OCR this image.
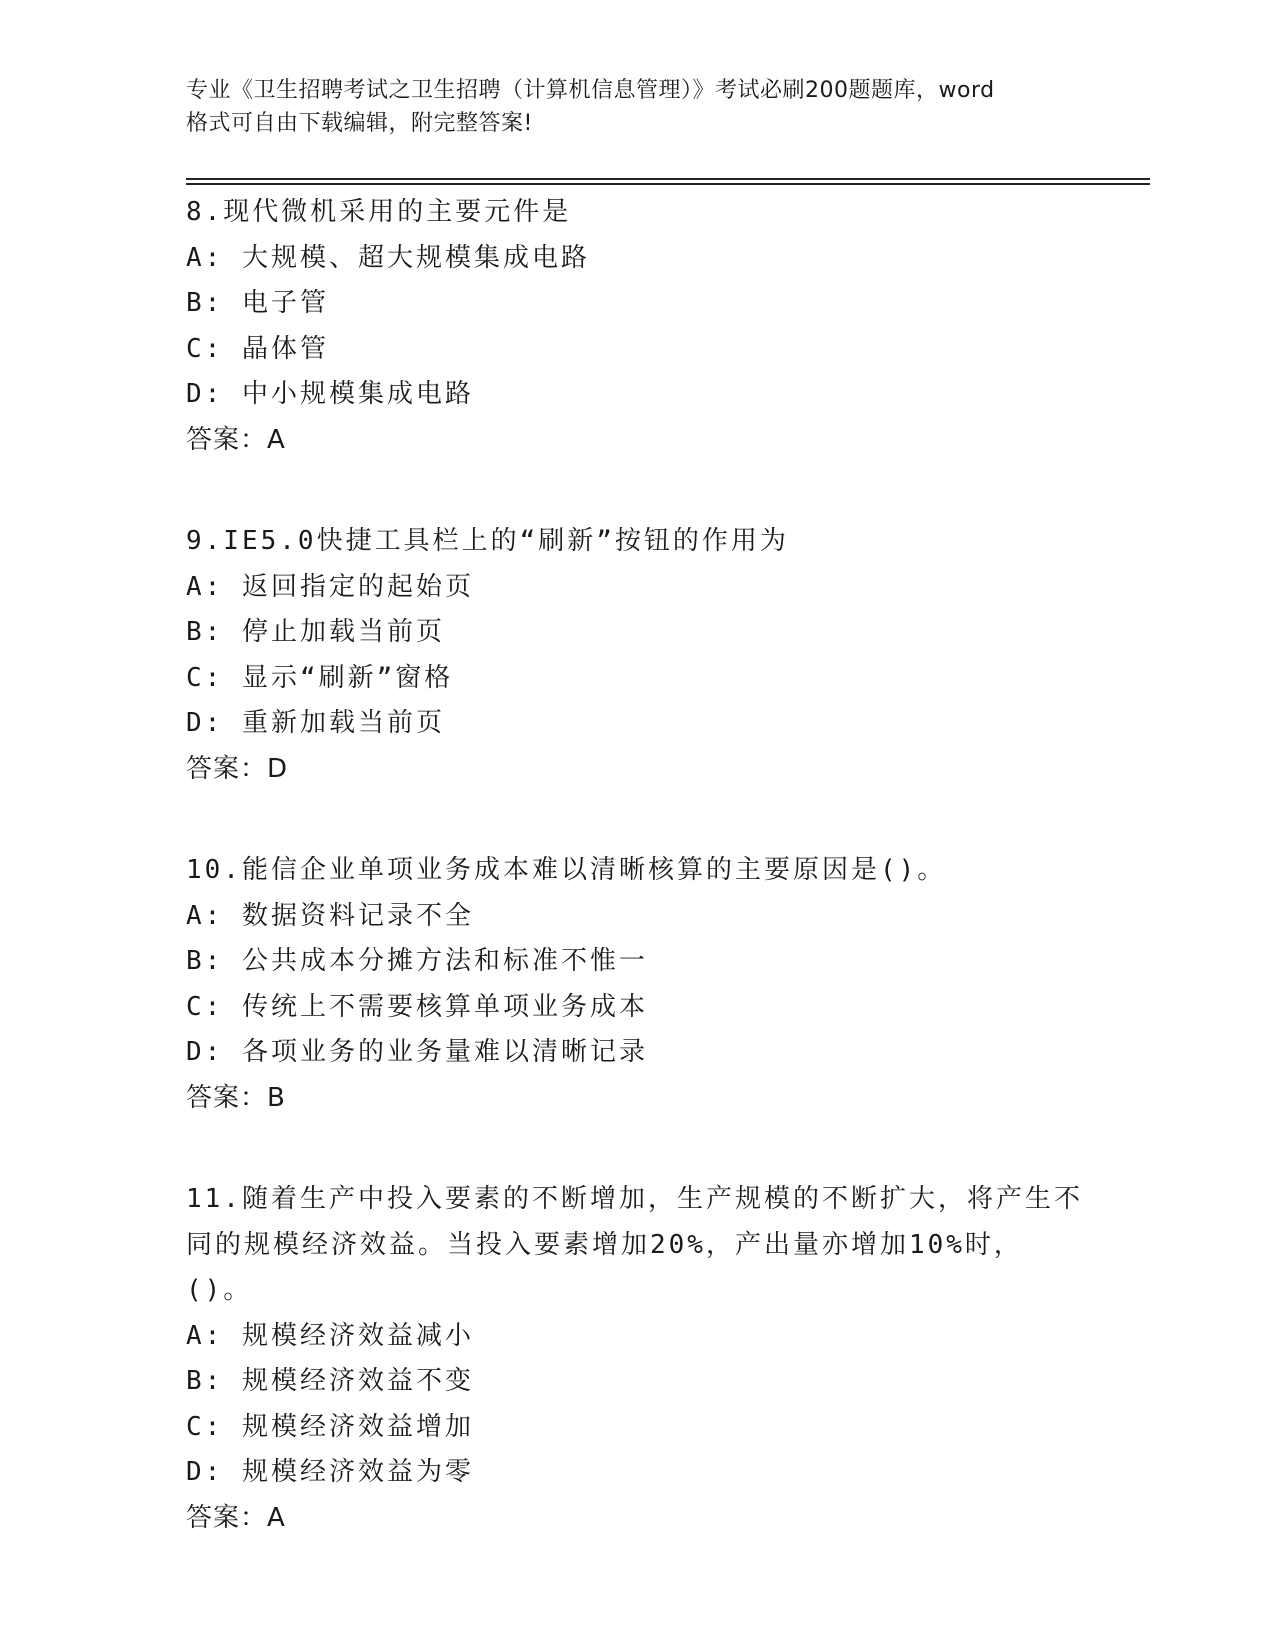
专业《卫生招聘考试之卫生招聘（计算机信息管理）》考试必刷200题题库，word
格式可自由下载编辑，附完整答案!
8.现代微机采用的主要元件是
A: 大规模、超大规模集成电路
B: 电子管
C: 晶体管
D: 中小规模集成电路
答案：A
9.IE5.0快捷工具栏上的“刷新”按钮的作用为
A: 返回指定的起始页
B: 停止加载当前页
C: 显示“刷新”窗格
D: 重新加载当前页
答案：D
10.能信企业单项业务成本难以清晰核算的主要原因是()。
A: 数据资料记录不全
B: 公共成本分摊方法和标准不惟一
C: 传统上不需要核算单项业务成本
D: 各项业务的业务量难以清晰记录
答案：B
11.随着生产中投入要素的不断增加，生产规模的不断扩大，将产生不
同的规模经济效益。当投入要素增加20%，产出量亦增加10%时，()。
A: 规模经济效益减小
B: 规模经济效益不变
C: 规模经济效益增加
D: 规模经济效益为零
答案：A
